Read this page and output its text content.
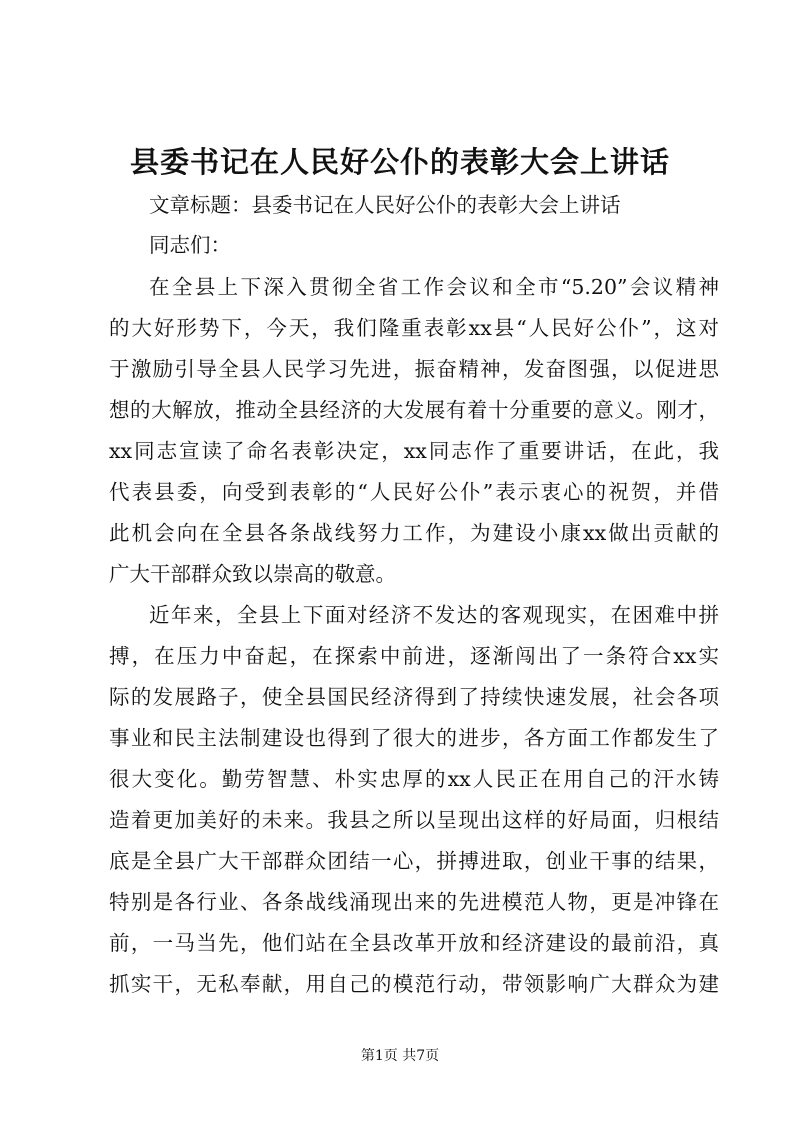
县委书记在人民好公仆的表彰大会上讲话
文章标题：县委书记在人民好公仆的表彰大会上讲话
同志们：
在全县上下深入贯彻全省工作会议和全市“5.20”会议精神
的大好形势下，今天，我们隆重表彰xx县“人民好公仆”，这对
于激励引导全县人民学习先进，振奋精神，发奋图强，以促进思
想的大解放，推动全县经济的大发展有着十分重要的意义。刚才，
xx同志宣读了命名表彰决定，xx同志作了重要讲话，在此，我
代表县委，向受到表彰的“人民好公仆”表示衷心的祝贺，并借
此机会向在全县各条战线努力工作，为建设小康xx做出贡献的
广大干部群众致以崇高的敬意。
近年来，全县上下面对经济不发达的客观现实，在困难中拼
搏，在压力中奋起，在探索中前进，逐渐闯出了一条符合xx实
际的发展路子，使全县国民经济得到了持续快速发展，社会各项
事业和民主法制建设也得到了很大的进步，各方面工作都发生了
很大变化。勤劳智慧、朴实忠厚的xx人民正在用自己的汗水铸
造着更加美好的未来。我县之所以呈现出这样的好局面，归根结
底是全县广大干部群众团结一心，拼搏进取，创业干事的结果，
特别是各行业、各条战线涌现出来的先进模范人物，更是冲锋在
前，一马当先，他们站在全县改革开放和经济建设的最前沿，真
抓实干，无私奉献，用自己的模范行动，带领影响广大群众为建
第1页 共7页
